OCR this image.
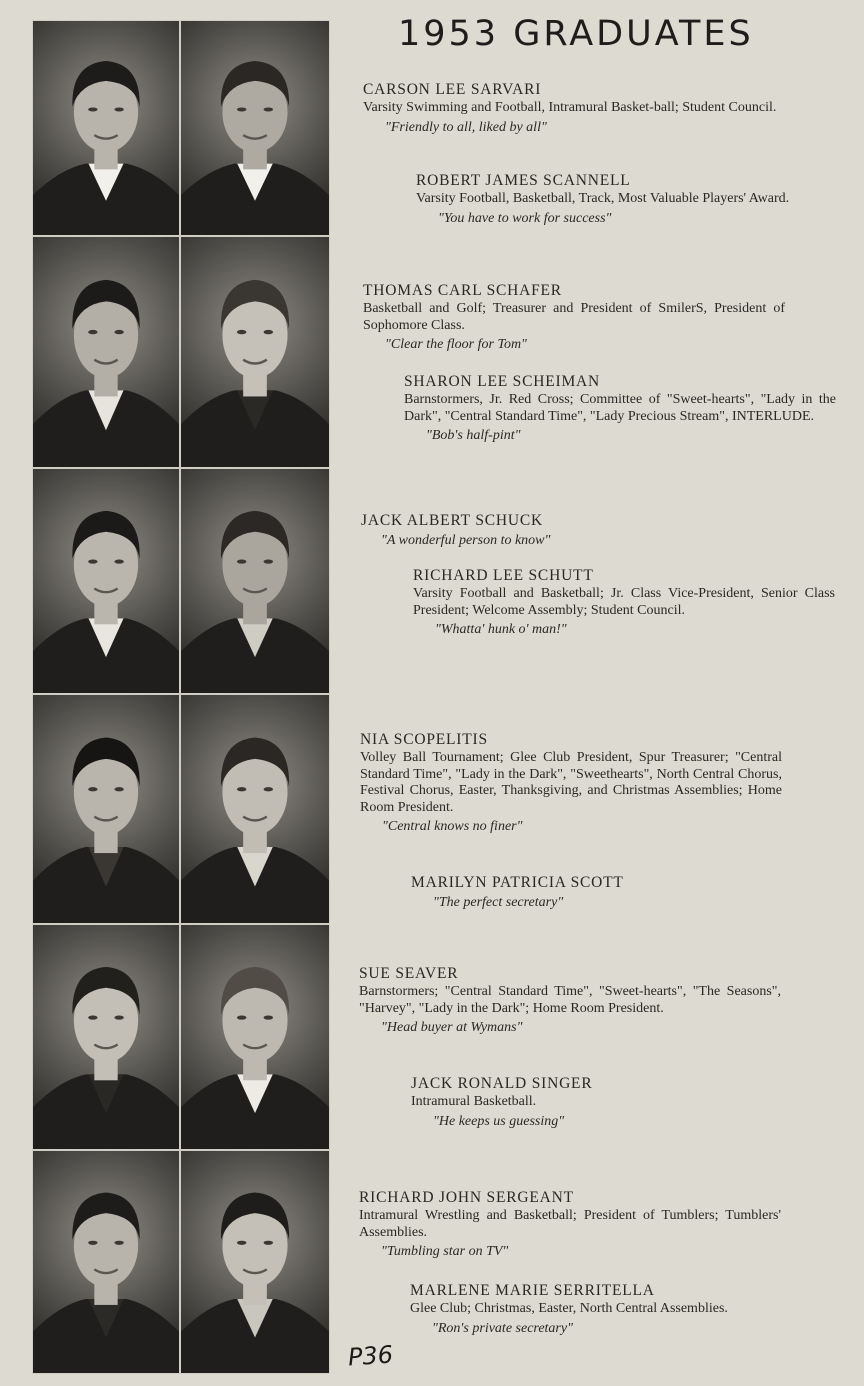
1953 GRADUATES
CARSON LEE SARVARI
Varsity Swimming and Football, Intramural Basket-ball; Student Council.
"Friendly to all, liked by all"
ROBERT JAMES SCANNELL
Varsity Football, Basketball, Track, Most Valuable Players' Award.
"You have to work for success"
THOMAS CARL SCHAFER
Basketball and Golf; Treasurer and President of SmilerS, President of Sophomore Class.
"Clear the floor for Tom"
SHARON LEE SCHEIMAN
Barnstormers, Jr. Red Cross; Committee of "Sweet-hearts", "Lady in the Dark", "Central Standard Time", "Lady Precious Stream", INTERLUDE.
"Bob's half-pint"
JACK ALBERT SCHUCK
"A wonderful person to know"
RICHARD LEE SCHUTT
Varsity Football and Basketball; Jr. Class Vice-President, Senior Class President; Welcome Assembly; Student Council.
"Whatta' hunk o' man!"
NIA SCOPELITIS
Volley Ball Tournament; Glee Club President, Spur Treasurer; "Central Standard Time", "Lady in the Dark", "Sweethearts", North Central Chorus, Festival Chorus, Easter, Thanksgiving, and Christmas Assemblies; Home Room President.
"Central knows no finer"
MARILYN PATRICIA SCOTT
"The perfect secretary"
SUE SEAVER
Barnstormers; "Central Standard Time", "Sweet-hearts", "The Seasons", "Harvey", "Lady in the Dark"; Home Room President.
"Head buyer at Wymans"
JACK RONALD SINGER
Intramural Basketball.
"He keeps us guessing"
RICHARD JOHN SERGEANT
Intramural Wrestling and Basketball; President of Tumblers; Tumblers' Assemblies.
"Tumbling star on TV"
MARLENE MARIE SERRITELLA
Glee Club; Christmas, Easter, North Central Assemblies.
"Ron's private secretary"
P36
